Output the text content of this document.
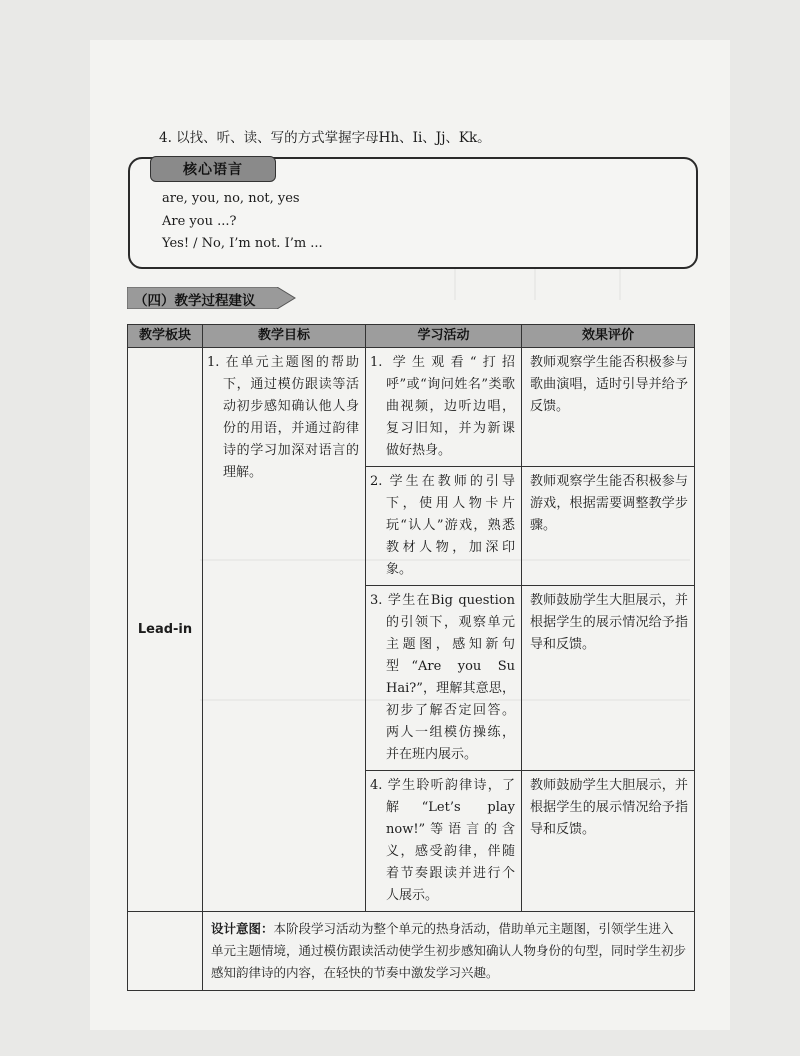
4. 以找、听、读、写的方式掌握字母Hh、Ii、Jj、Kk。
核心语言
are, you, no, not, yes
Are you ...?
Yes! / No, I’m not. I’m ...
（四）教学过程建议
教学板块	教学目标	学习活动	效果评价
Lead-in	1. 在单元主题图的帮助下，通过模仿跟读等活动初步感知确认他人身份的用语，并通过韵律诗的学习加深对语言的理解。	1. 学生观看“打招呼”或“询问姓名”类歌曲视频，边听边唱，复习旧知，并为新课做好热身。	教师观察学生能否积极参与歌曲演唱，适时引导并给予反馈。

		2. 学生在教师的引导下，使用人物卡片玩“认人”游戏，熟悉教材人物，加深印象。	教师观察学生能否积极参与游戏，根据需要调整教学步骤。

		3. 学生在Big question的引领下，观察单元主题图，感知新句型“Are you Su Hai?”，理解其意思，初步了解否定回答。两人一组模仿操练，并在班内展示。	教师鼓励学生大胆展示，并根据学生的展示情况给予指导和反馈。

		4. 学生聆听韵律诗，了解“Let’s play now!”等语言的含义，感受韵律，伴随着节奏跟读并进行个人展示。	教师鼓励学生大胆展示，并根据学生的展示情况给予指导和反馈。

	设计意图：本阶段学习活动为整个单元的热身活动，借助单元主题图，引领学生进入单元主题情境，通过模仿跟读活动使学生初步感知确认人物身份的句型，同时学生初步感知韵律诗的内容，在轻快的节奏中激发学习兴趣。		
